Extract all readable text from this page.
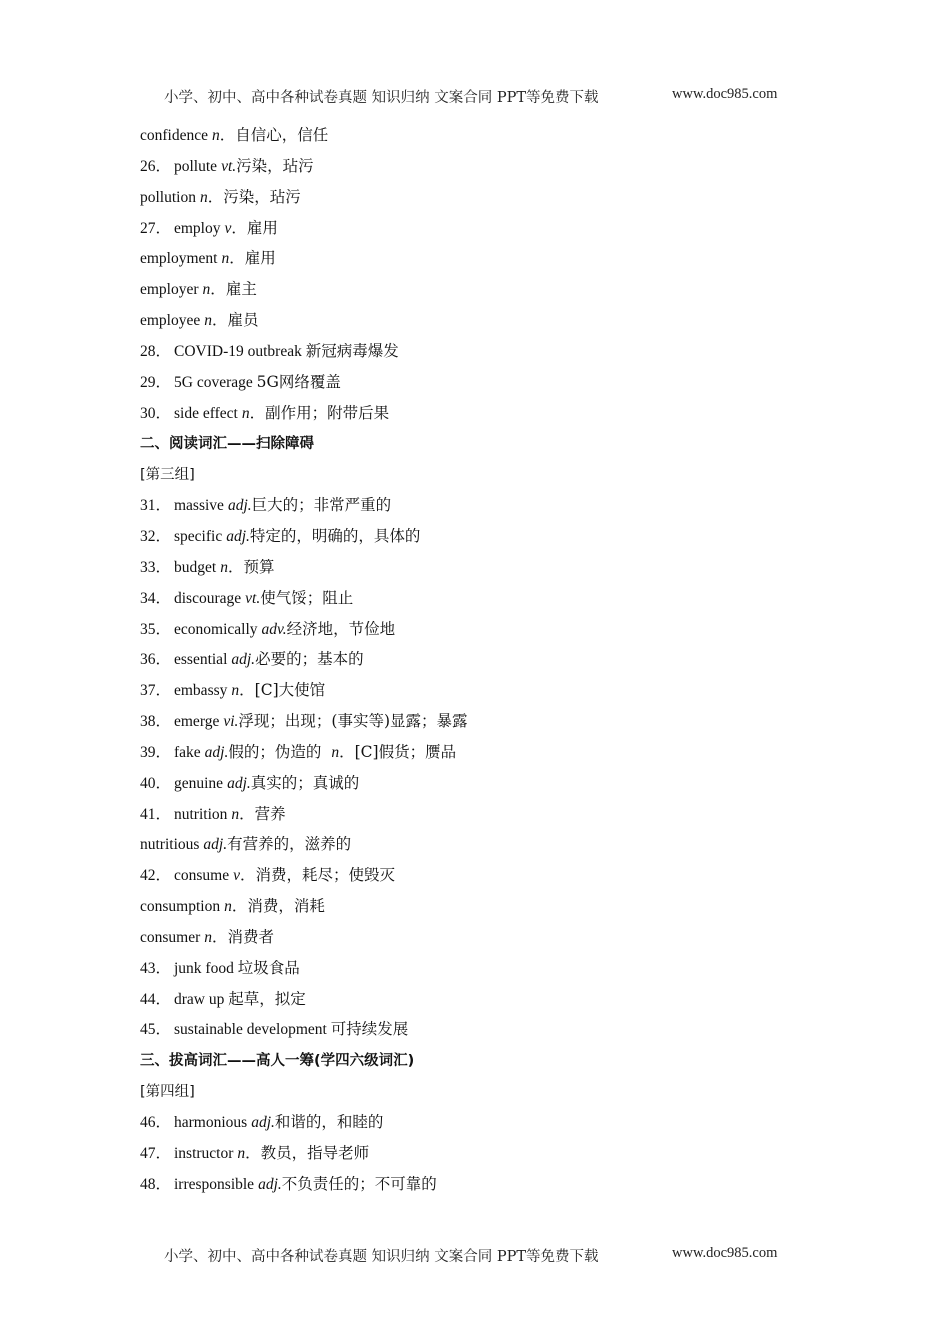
小学、初中、高中各种试卷真题 知识归纳 文案合同 PPT等免费下载	www.doc985.com
confidence n．自信心，信任
26． pollute vt.污染，玷污
pollution n．污染，玷污
27． employ v．雇用
employment n．雇用
employer n．雇主
employee n．雇员
28． COVID-19 outbreak 新冠病毒爆发
29． 5G coverage 5G网络覆盖
30． side effect n．副作用；附带后果
二、阅读词汇——扫除障碍
[第三组]
31． massive adj.巨大的；非常严重的
32． specific adj.特定的，明确的，具体的
33． budget n．预算
34． discourage vt.使气馁；阻止
35． economically adv.经济地，节俭地
36． essential adj.必要的；基本的
37． embassy n．[C]大使馆
38． emerge vi.浮现；出现；(事实等)显露；暴露
39． fake adj.假的；伪造的 n．[C]假货；赝品
40． genuine adj.真实的；真诚的
41． nutrition n．营养
nutritious adj.有营养的，滋养的
42． consume v．消费，耗尽；使毁灭
consumption n．消费，消耗
consumer n．消费者
43． junk food 垃圾食品
44． draw up 起草，拟定
45． sustainable development 可持续发展
三、拔高词汇——高人一筹(学四六级词汇)
[第四组]
46． harmonious adj.和谐的，和睦的
47． instructor n．教员，指导老师
48． irresponsible adj.不负责任的；不可靠的
小学、初中、高中各种试卷真题 知识归纳 文案合同 PPT等免费下载	www.doc985.com
